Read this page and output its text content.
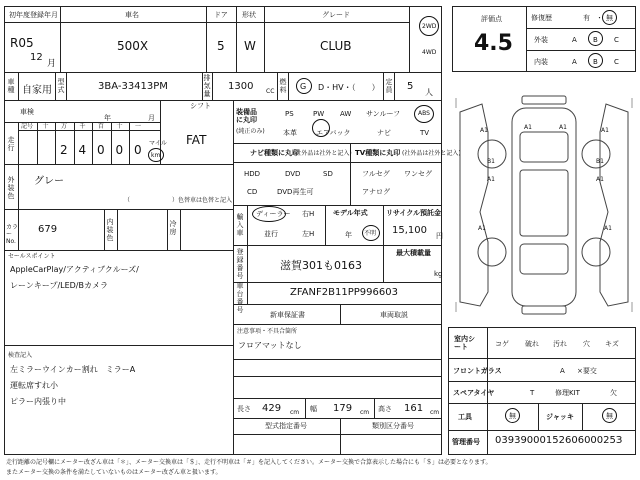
初年度登録年月	車名	ドア 形状	グレード
R05
12
月
500X	5 W	CLUB
2WD
4WD
車種 自家用
型式	3BA-33413PM
排気量
1300 CC
燃料 G D・HV・（　　）
定員 5
人
車検
年	月
シフト
FAT
記号 十 万 千 百 十 一
2 4 0 0 0
走行
マイル
km
外装色
グレー
（　　　　　　　）色替車は色替と記入
カラーNo.
679
内装色
冷房
セールスポイント
AppleCarPlay/アクティブクルーズ/
レーンキープ/LED/Bカメラ
検査記入
左ミラーウインカー割れ　ミラーA
運転席すれ小
ピラー内張り中
装備品に丸印
(純正のみ)
PS	PW AW サンルーフ	ABS
本革	エアバック	ナビ	TV
ナビ種類に丸印
(社外品は社外と記入)
HDD	DVD	SD
CD	DVD再生可
TV種類に丸印 (社外品は社外と記入)
フルセグ ワンセグ
アナログ
輸入車
ディーラー 右H
並行	左H
モデル年式
年 不明
リサイクル預託金
15,100 円
登録番号
滋賀301も0163
最大積載量
kg
車台番号
ZFANF2B11PP996603
新車保証書	車両取説
注意事項・不具合箇所
フロアマットなし
長さ 429 cm 幅 179 cm 高さ 161 cm
型式指定番号	類別区分番号
評価点
4.5
修復歴	有 ・ 無
外装	A B C
内装	A B C
A1	A1	A1	A1
B1	B1
A1	A1
A1	A1
室内シート	コゲ 破れ 汚れ 穴 キズ
フロントガラス	A ×要交
スペアタイヤ	T	修理KIT	欠
工具	無	ジャッキ	無
管理番号 0393900015260600025З
走行距離の記号欄にメーター改ざん車は「＊」、メーター交換車は「＄」、走行不明車は「＃」を記入してください。メーター交換で合算表示した場合にも「＄」は必要となります。
またメーター交換の条件を満たしていないものはメーター改ざん車と扱います。
